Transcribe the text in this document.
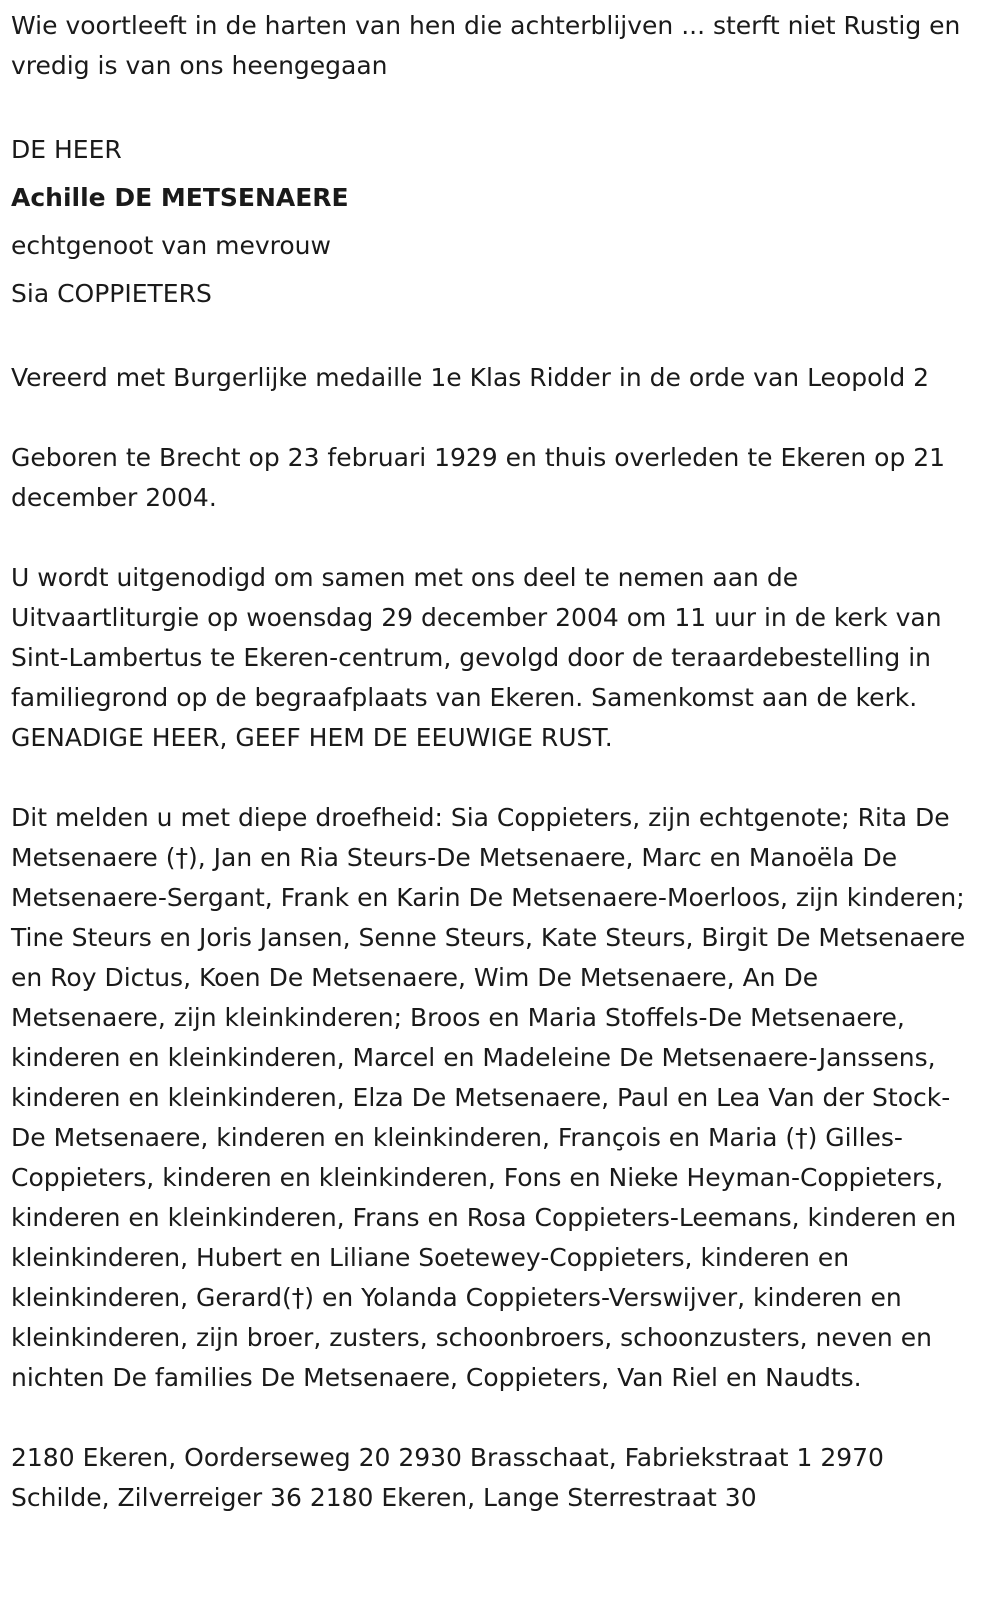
Wie voortleeft in de harten van hen die achterblijven ... sterft niet Rustig en vredig is van ons heengegaan

DE HEER

Achille DE METSENAERE

echtgenoot van mevrouw

Sia COPPIETERS

Vereerd met Burgerlijke medaille 1e Klas Ridder in de orde van Leopold 2

Geboren te Brecht op 23 februari 1929 en thuis overleden te Ekeren op 21 december 2004.

U wordt uitgenodigd om samen met ons deel te nemen aan de Uitvaartliturgie op woensdag 29 december 2004 om 11 uur in de kerk van Sint-Lambertus te Ekeren-centrum, gevolgd door de teraardebestelling in familiegrond op de begraafplaats van Ekeren. Samenkomst aan de kerk. GENADIGE HEER, GEEF HEM DE EEUWIGE RUST.

Dit melden u met diepe droefheid: Sia Coppieters, zijn echtgenote; Rita De Metsenaere (†), Jan en Ria Steurs-De Metsenaere, Marc en Manoëla De Metsenaere-Sergant, Frank en Karin De Metsenaere-Moerloos, zijn kinderen; Tine Steurs en Joris Jansen, Senne Steurs, Kate Steurs, Birgit De Metsenaere en Roy Dictus, Koen De Metsenaere, Wim De Metsenaere, An De Metsenaere, zijn kleinkinderen; Broos en Maria Stoffels-De Metsenaere, kinderen en kleinkinderen, Marcel en Madeleine De Metsenaere-Janssens, kinderen en kleinkinderen, Elza De Metsenaere, Paul en Lea Van der Stock-De Metsenaere, kinderen en kleinkinderen, François en Maria (†) Gilles-Coppieters, kinderen en kleinkinderen, Fons en Nieke Heyman-Coppieters, kinderen en kleinkinderen, Frans en Rosa Coppieters-Leemans, kinderen en kleinkinderen, Hubert en Liliane Soetewey-Coppieters, kinderen en kleinkinderen, Gerard(†) en Yolanda Coppieters-Verswijver, kinderen en kleinkinderen, zijn broer, zusters, schoonbroers, schoonzusters, neven en nichten De families De Metsenaere, Coppieters, Van Riel en Naudts.

2180 Ekeren, Oorderseweg 20 2930 Brasschaat, Fabriekstraat 1 2970 Schilde, Zilverreiger 36 2180 Ekeren, Lange Sterrestraat 30
